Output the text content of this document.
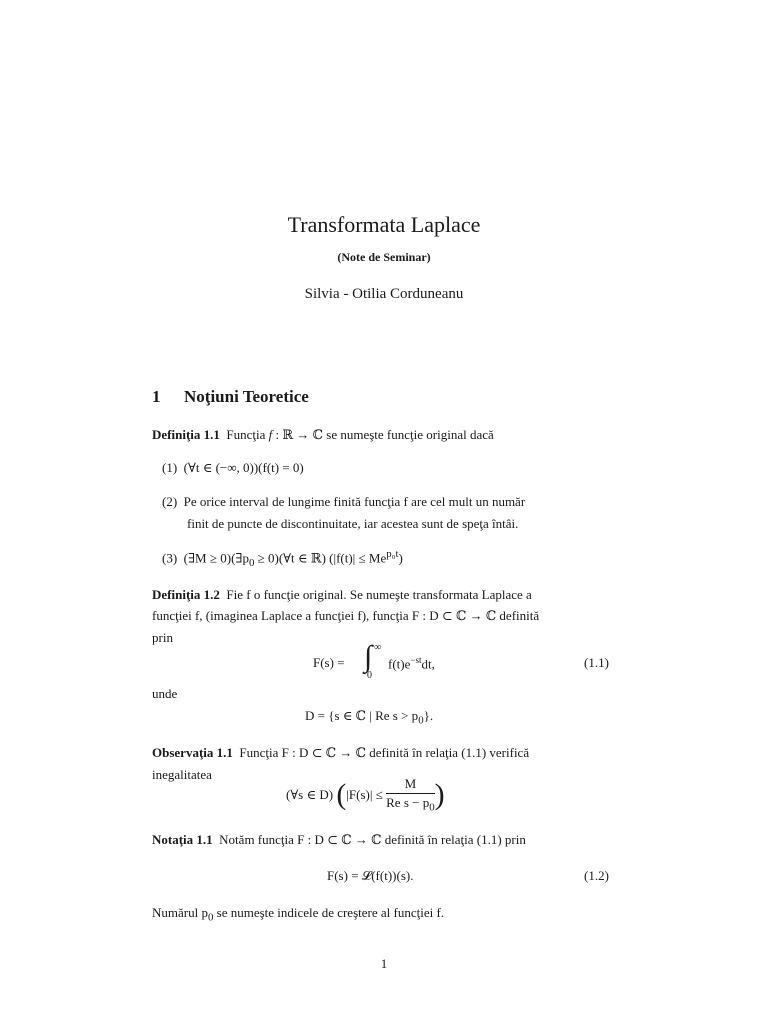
Transformata Laplace
(Note de Seminar)
Silvia - Otilia Corduneanu
1 Noţiuni Teoretice
Definiţia 1.1 Funcţia f : ℝ → ℂ se numeşte funcţie original dacă
(1) (∀t ∈ (−∞, 0))(f(t) = 0)
(2) Pe orice interval de lungime finită funcţia f are cel mult un număr
finit de puncte de discontinuitate, iar acestea sunt de speţa întâi.
(3) (∃M ≥ $0)(\exists p_0$ ≥ 0)(∀t ∈ ℝ) $(|f(t)| \le Me^{p_0t})$
Definiţia 1.2 Fie f o funcţie original. Se numeşte transformata Laplace a
funcţiei f, (imaginea Laplace a funcţiei f), funcţia F : D ⊂ ℂ → ℂ definită
prin
F(s) = ∫ ∞
0
$f(t)e^{-st}dt$,	(1.1)
unde
D = {s ∈ ℂ | Re $s > p_0$}.
Observaţia 1.1 Funcţia F : D ⊂ ℂ → ℂ definită în relaţia (1.1) verifică
inegalitatea
(∀s ∈ D) ($|F(s)| \le \frac{M}{Re s - p_0}$ )
Notaţia 1.1 Notăm funcţia F : D ⊂ ℂ → ℂ definită în relaţia (1.1) prin
F(s) = 𝓛(f(t))(s).	(1.2)
Numărul $p_0$ se numeşte indicele de creştere al funcţiei f.
1
